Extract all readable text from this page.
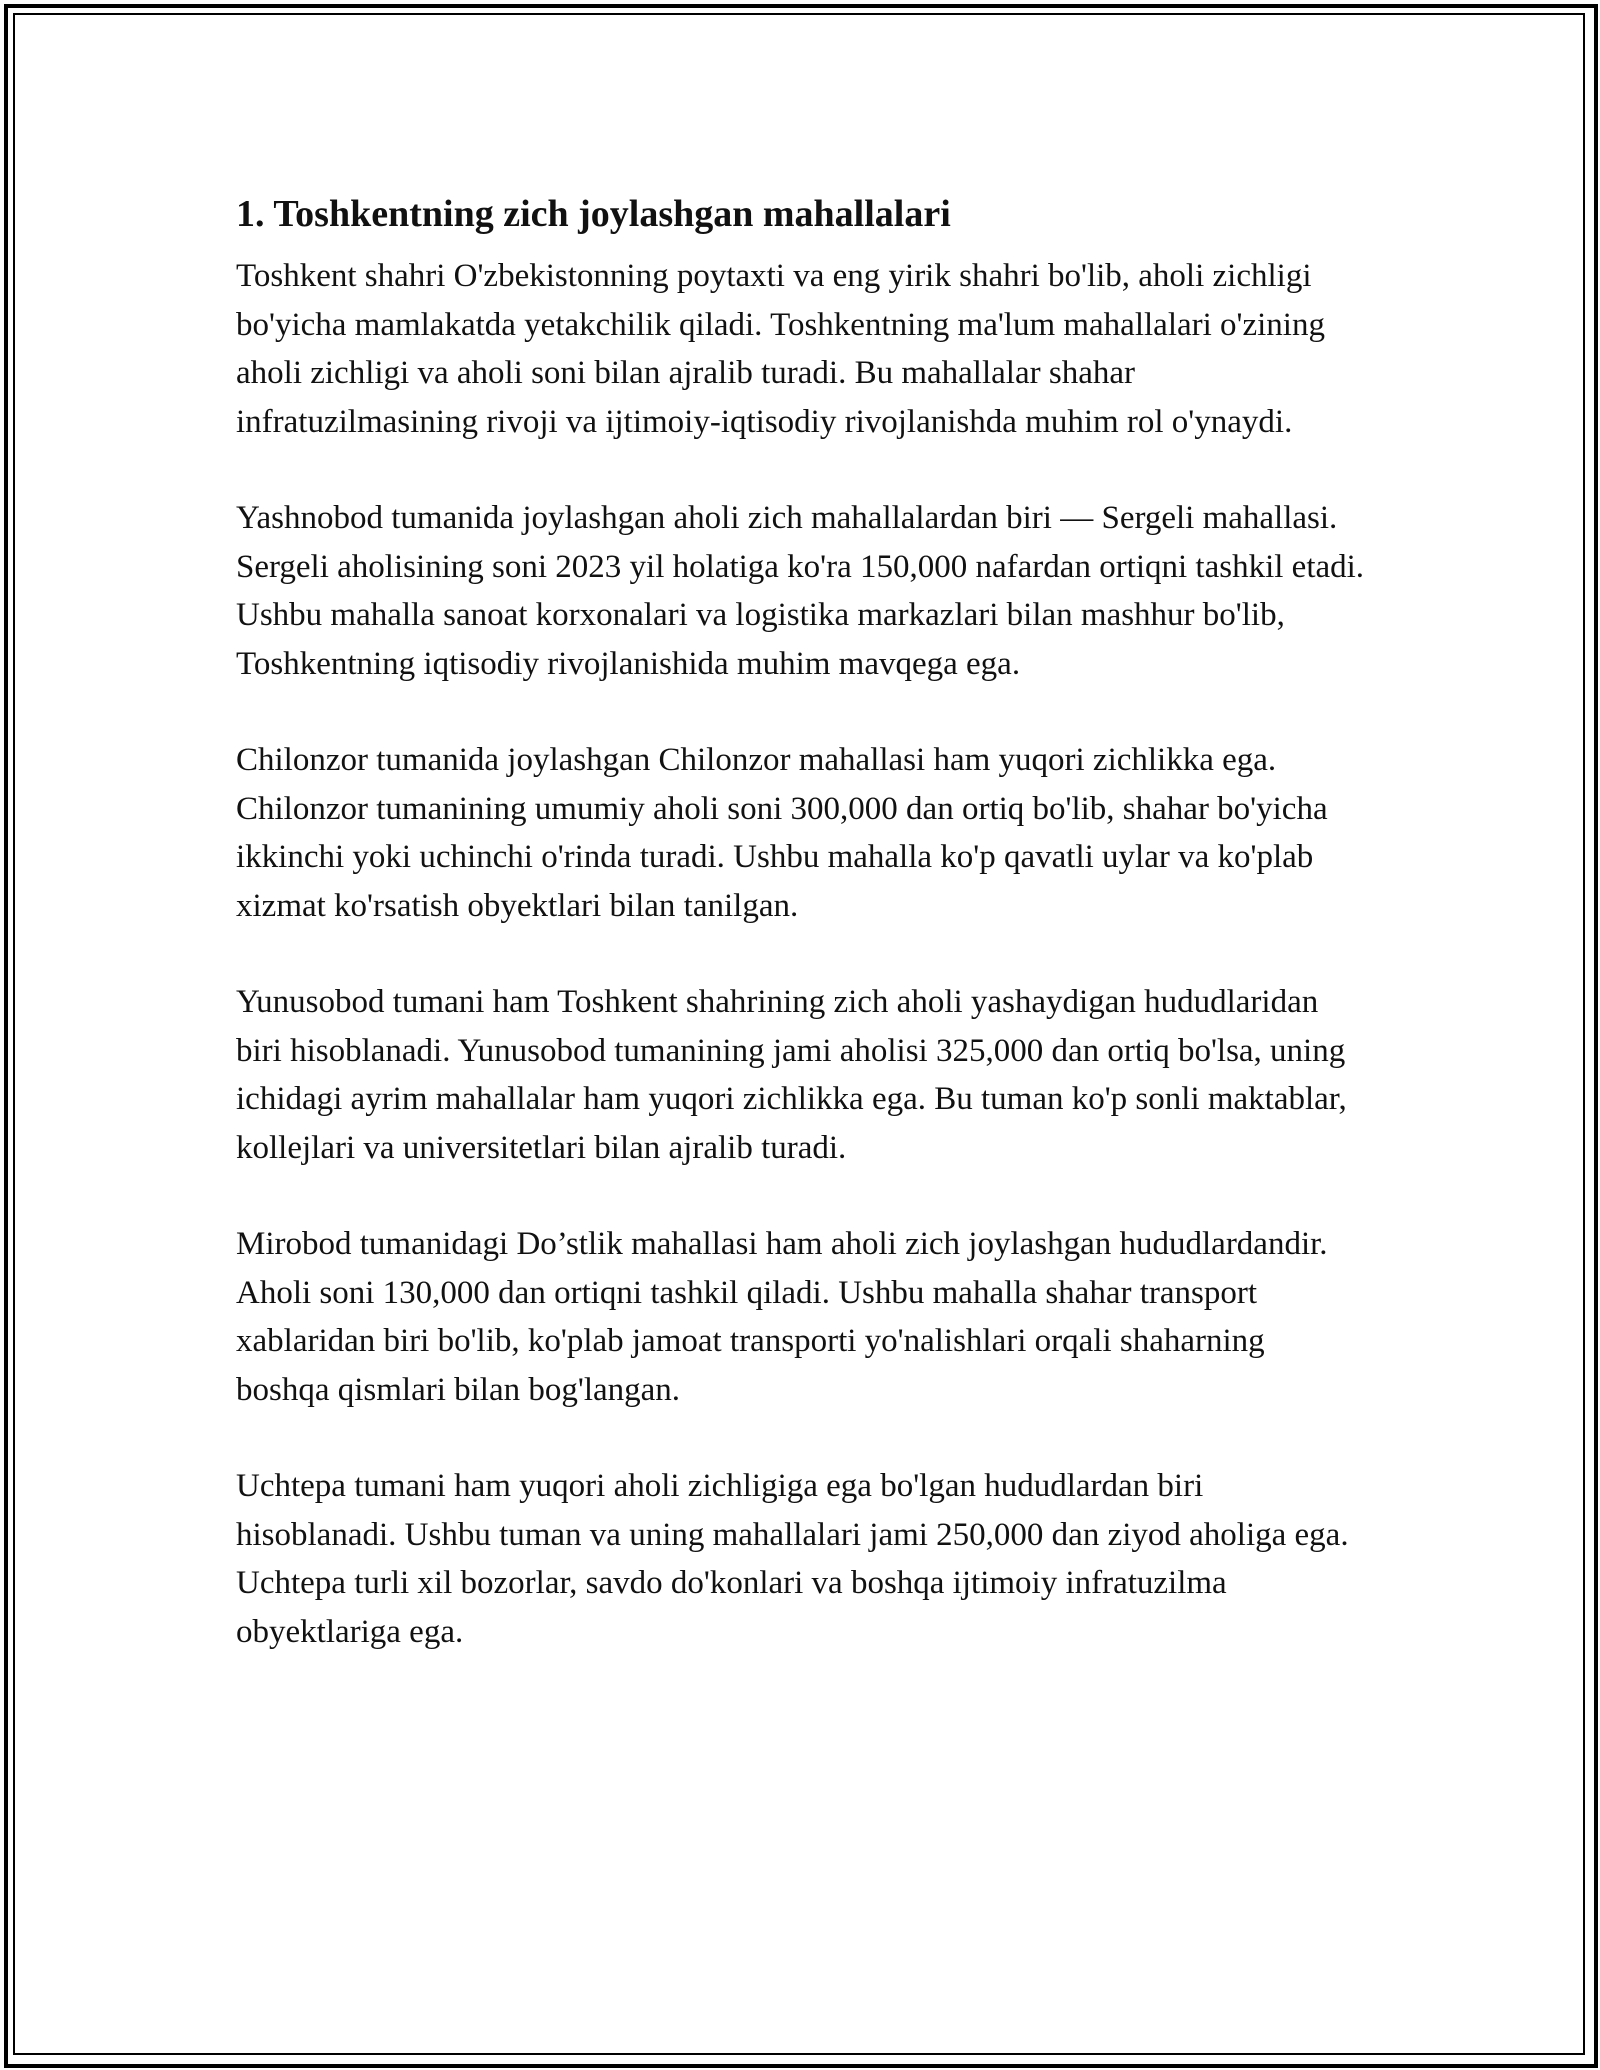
1. Toshkentning zich joylashgan mahallalari

Toshkent shahri O'zbekistonning poytaxti va eng yirik shahri bo'lib, aholi zichligi bo'yicha mamlakatda yetakchilik qiladi. Toshkentning ma'lum mahallalari o'zining aholi zichligi va aholi soni bilan ajralib turadi. Bu mahallalar shahar infratuzilmasining rivoji va ijtimoiy-iqtisodiy rivojlanishda muhim rol o'ynaydi.

Yashnobod tumanida joylashgan aholi zich mahallalardan biri — Sergeli mahallasi. Sergeli aholisining soni 2023 yil holatiga ko'ra 150,000 nafardan ortiqni tashkil etadi. Ushbu mahalla sanoat korxonalari va logistika markazlari bilan mashhur bo'lib, Toshkentning iqtisodiy rivojlanishida muhim mavqega ega.

Chilonzor tumanida joylashgan Chilonzor mahallasi ham yuqori zichlikka ega. Chilonzor tumanining umumiy aholi soni 300,000 dan ortiq bo'lib, shahar bo'yicha ikkinchi yoki uchinchi o'rinda turadi. Ushbu mahalla ko'p qavatli uylar va ko'plab xizmat ko'rsatish obyektlari bilan tanilgan.

Yunusobod tumani ham Toshkent shahrining zich aholi yashaydigan hududlaridan biri hisoblanadi. Yunusobod tumanining jami aholisi 325,000 dan ortiq bo'lsa, uning ichidagi ayrim mahallalar ham yuqori zichlikka ega. Bu tuman ko'p sonli maktablar, kollejlari va universitetlari bilan ajralib turadi.

Mirobod tumanidagi Do’stlik mahallasi ham aholi zich joylashgan hududlardandir. Aholi soni 130,000 dan ortiqni tashkil qiladi. Ushbu mahalla shahar transport xablaridan biri bo'lib, ko'plab jamoat transporti yo'nalishlari orqali shaharning boshqa qismlari bilan bog'langan.

Uchtepa tumani ham yuqori aholi zichligiga ega bo'lgan hududlardan biri hisoblanadi. Ushbu tuman va uning mahallalari jami 250,000 dan ziyod aholiga ega. Uchtepa turli xil bozorlar, savdo do'konlari va boshqa ijtimoiy infratuzilma obyektlariga ega.
